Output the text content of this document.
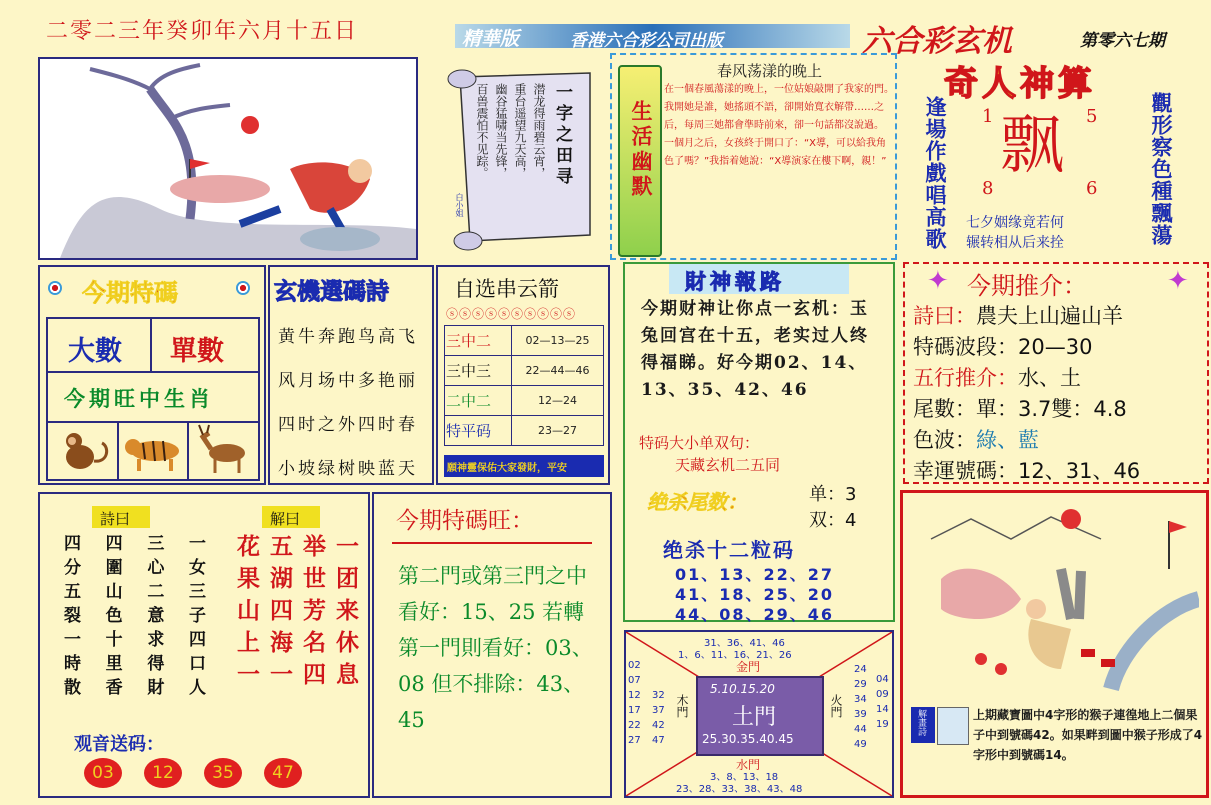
二零二三年癸卯年六月十五日	精華版	香港六合彩公司出版	六合彩玄机	第零六七期
一字之田寻
潜龙得雨碧云宵，
重台遥望九天高，
幽谷猛啸当先锋，
百兽震怕不见踪。
白小姐
生活幽默
春风荡漾的晚上
在一個春風蕩漾的晚上，一位姑娘敲開了我家的門。　我開她是誰，她搖頭不語，卻開始寬衣解帶……之后，每周三她都會準時前來，卻一句話都沒說過。一個月之后，女孩終于開口了：“X導，可以給我角色了嗎？”我指着她說：“X導演家在樓下啊，親！”
奇人神算
逢場作戲唱高歌	觀形察色種飄蕩
1	5
飘
8	6
七夕姻缘竟若何
辗转相从后来拴
今期特碼
大數 單數
今期旺中生肖
玄機選碼詩
黄牛奔跑鸟高飞
风月场中多艳丽
四时之外四时春
小坡绿树映蓝天
自选串云箭
ⓢⓢⓢⓢⓢⓢⓢⓢⓢⓢ
三中二	02—13—25
三中三	22—44—46
二中二	12—24
特平码	23—27
願神靈保佑大家發財，平安
財神報路
今期财神让你点一玄机：玉兔回宫在十五，老实过人终得福睇。好今期02、14、13、35、42、46
特码大小单双句：
天藏玄机二五同
绝杀尾数：	单：3
双：4
绝杀十二粒码
01、13、22、27
41、18、25、20
44、08、29、46
✦ 今期推介：	✦
詩曰：農夫上山遍山羊
特碼波段：20—30
五行推介：水、土
尾數：單：3.7雙：4.8
色波：綠、藍
幸運號碼：12、31、46
詩曰	解曰
一女三子四口人
三心二意求得財
四圍山色十里香
四分五裂一時散	一团来休息
举世芳名四
五湖四海一
花果山上一
观音送码：
03	12	35	47
今期特碼旺：
第二門或第三門之中看好：15、25 若轉第一門則看好：03、08 但不排除：43、45
31、36、41、46
1、6、11、16、21、26
金門
02
07
12
17
22
27
32
37
42
47
木門
5.10.15.20
土門
25.30.35.40.45
火門
24
29
34
39
44
49
04
09
14
19
水門
3、8、13、18
23、28、33、38、43、48
解畫詩	上期藏寶圖中4字形的猴子連徨地上二個果子中到號碼42。如果畔到圖中猴子形成了4字形中到號碼14。
